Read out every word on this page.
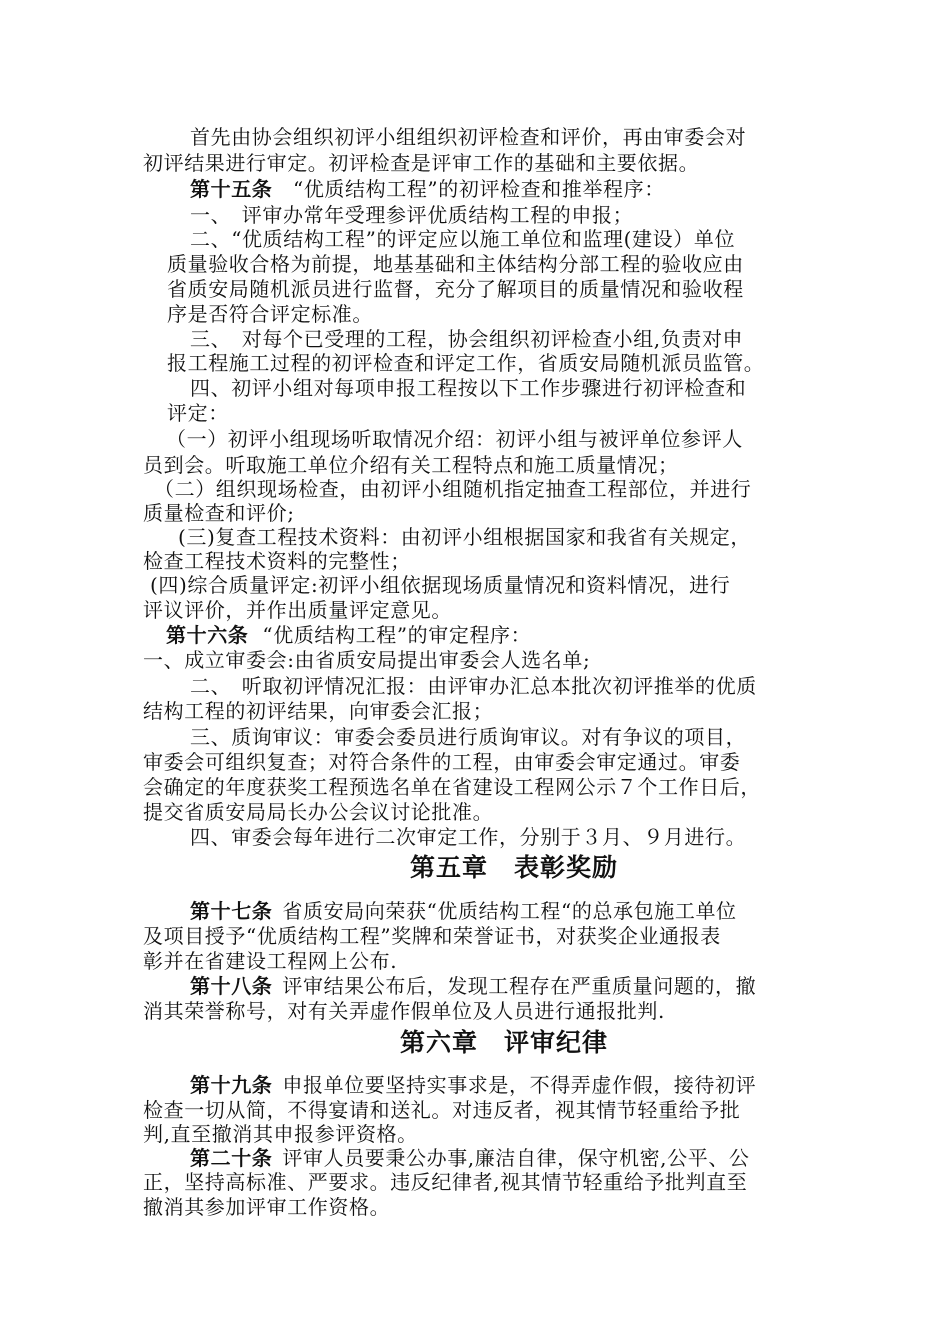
首先由协会组织初评小组组织初评检查和评价，再由审委会对
初评结果进行审定。初评检查是评审工作的基础和主要依据。
第十五条　“优质结构工程”的初评检查和推举程序：
一、　评审办常年受理参评优质结构工程的申报；
二、“优质结构工程”的评定应以施工单位和监理(建设）单位
质量验收合格为前提，地基基础和主体结构分部工程的验收应由
省质安局随机派员进行监督，充分了解项目的质量情况和验收程
序是否符合评定标准。
三、　对每个已受理的工程，协会组织初评检查小组,负责对申
报工程施工过程的初评检查和评定工作，省质安局随机派员监管。
四、初评小组对每项申报工程按以下工作步骤进行初评检查和
评定：
（一）初评小组现场听取情况介绍：初评小组与被评单位参评人
员到会。听取施工单位介绍有关工程特点和施工质量情况；
（二）组织现场检查，由初评小组随机指定抽查工程部位，并进行
质量检查和评价;
(三)复查工程技术资料：由初评小组根据国家和我省有关规定，
检查工程技术资料的完整性；
(四)综合质量评定:初评小组依据现场质量情况和资料情况，进行
评议评价，并作出质量评定意见。
第十六条 “优质结构工程”的审定程序：
一、成立审委会:由省质安局提出审委会人选名单;
二、　听取初评情况汇报：由评审办汇总本批次初评推举的优质
结构工程的初评结果，向审委会汇报；
三、质询审议：审委会委员进行质询审议。对有争议的项目，
审委会可组织复查；对符合条件的工程，由审委会审定通过。审委
会确定的年度获奖工程预选名单在省建设工程网公示７个工作日后，
提交省质安局局长办公会议讨论批准。
四、审委会每年进行二次审定工作，分别于３月、９月进行。
第五章　表彰奖励
第十七条 省质安局向荣获“优质结构工程“的总承包施工单位
及项目授予“优质结构工程”奖牌和荣誉证书，对获奖企业通报表
彰并在省建设工程网上公布.
第十八条 评审结果公布后，发现工程存在严重质量问题的，撤
消其荣誉称号，对有关弄虚作假单位及人员进行通报批判.
第六章　评审纪律
第十九条 申报单位要坚持实事求是，不得弄虚作假，接待初评
检查一切从简，不得宴请和送礼。对违反者，视其情节轻重给予批
判,直至撤消其申报参评资格。
第二十条 评审人员要秉公办事,廉洁自律，保守机密,公平、公
正，坚持高标准、严要求。违反纪律者,视其情节轻重给予批判直至
撤消其参加评审工作资格。
